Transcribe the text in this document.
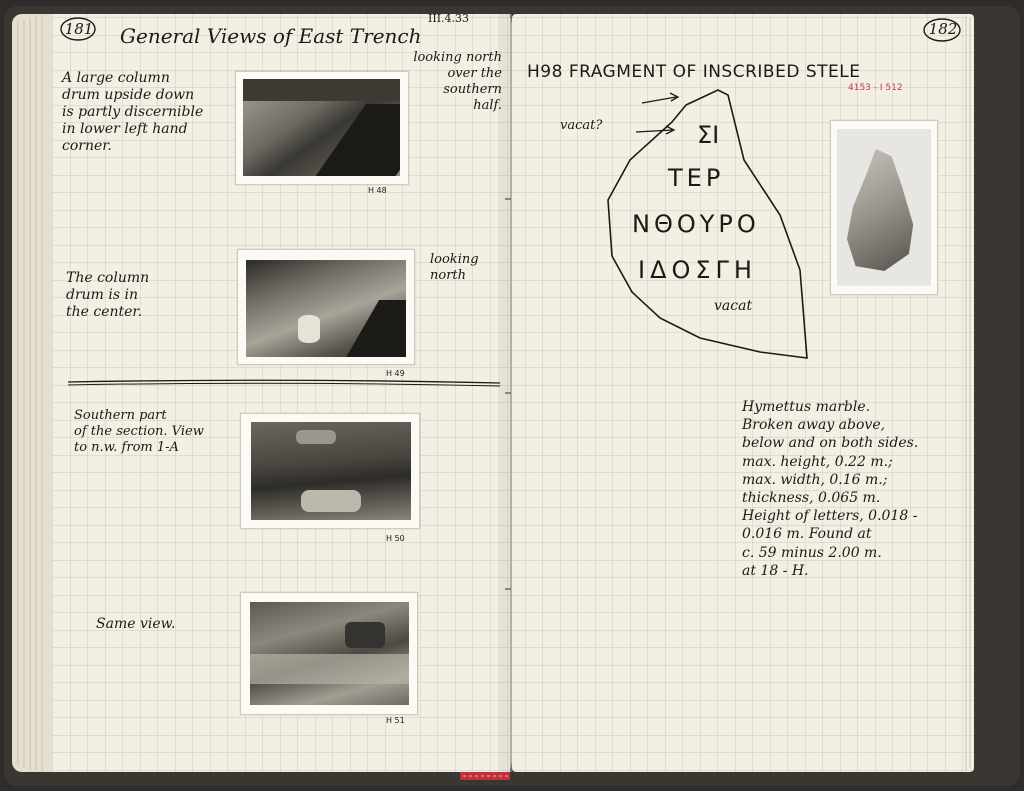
181
III.4.33
General Views of East Trench
A large column
drum upside down
is partly discernible
in lower left hand
corner.
looking north
over the
southern
half.
H 48
The column
drum is in
the center.
looking
north
H 49
Southern part
of the section. View
to n.w. from 1-A
H 50
Same view.
H 51
182
H98 FRAGMENT OF INSCRIBED STELE
4153 - I 512
vacat?	ΣΙ
ΤΕΡ
ΝΘΟΥΡΟ
ΙΔΟΣΓΗ
vacat
Hymettus marble.
Broken away above,
below and on both sides.
max. height, 0.22 m.;
max. width, 0.16 m.;
thickness, 0.065 m.
Height of letters, 0.018 -
0.016 m. Found at
c. 59 minus 2.00 m.
at 18 - H.
